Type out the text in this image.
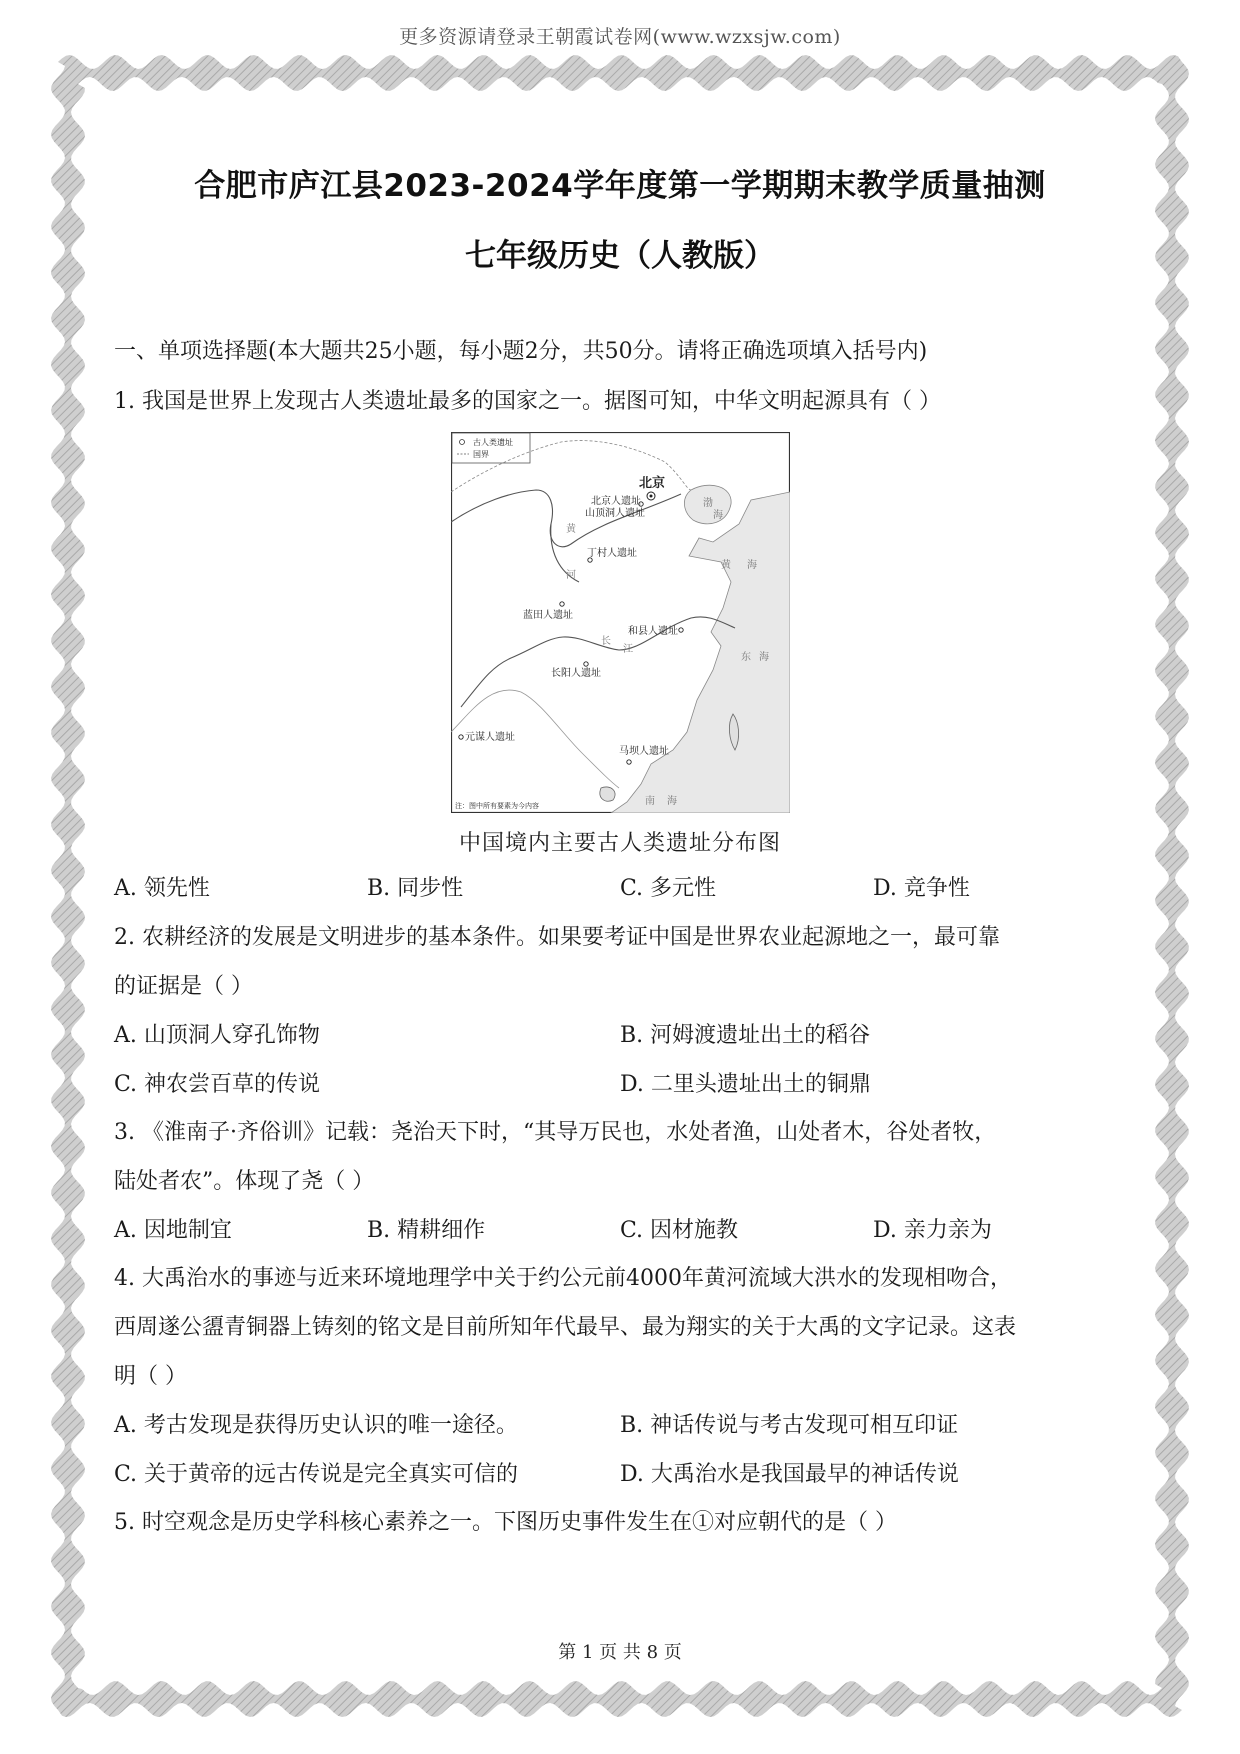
更多资源请登录王朝霞试卷网(www.wzxsjw.com)
合肥市庐江县2023-2024学年度第一学期期末教学质量抽测
七年级历史（人教版）
一、单项选择题(本大题共25小题，每小题2分，共50分。请将正确选项填入括号内)
1. 我国是世界上发现古人类遗址最多的国家之一。据图可知，中华文明起源具有（ ）
古人类遗址
国界
北京
北京人遗址
山顶洞人遗址
丁村人遗址
蓝田人遗址
和县人遗址
长阳人遗址
元谋人遗址
马坝人遗址
黄
河
长
江
渤
海
黄 海
东 海
南 海
注：图中所有要素为今内容
中国境内主要古人类遗址分布图
A. 领先性	B. 同步性	C. 多元性	D. 竞争性
2. 农耕经济的发展是文明进步的基本条件。如果要考证中国是世界农业起源地之一，最可靠
的证据是（ ）
A. 山顶洞人穿孔饰物	B. 河姆渡遗址出土的稻谷
C. 神农尝百草的传说	D. 二里头遗址出土的铜鼎
3. 《淮南子·齐俗训》记载：尧治天下时，“其导万民也，水处者渔，山处者木，谷处者牧，
陆处者农”。体现了尧（ ）
A. 因地制宜	B. 精耕细作	C. 因材施教	D. 亲力亲为
4. 大禹治水的事迹与近来环境地理学中关于约公元前4000年黄河流域大洪水的发现相吻合，
西周遂公盨青铜器上铸刻的铭文是目前所知年代最早、最为翔实的关于大禹的文字记录。这表
明（ ）
A. 考古发现是获得历史认识的唯一途径。	B. 神话传说与考古发现可相互印证
C. 关于黄帝的远古传说是完全真实可信的	D. 大禹治水是我国最早的神话传说
5. 时空观念是历史学科核心素养之一。下图历史事件发生在①对应朝代的是（ ）
第 1 页 共 8 页
